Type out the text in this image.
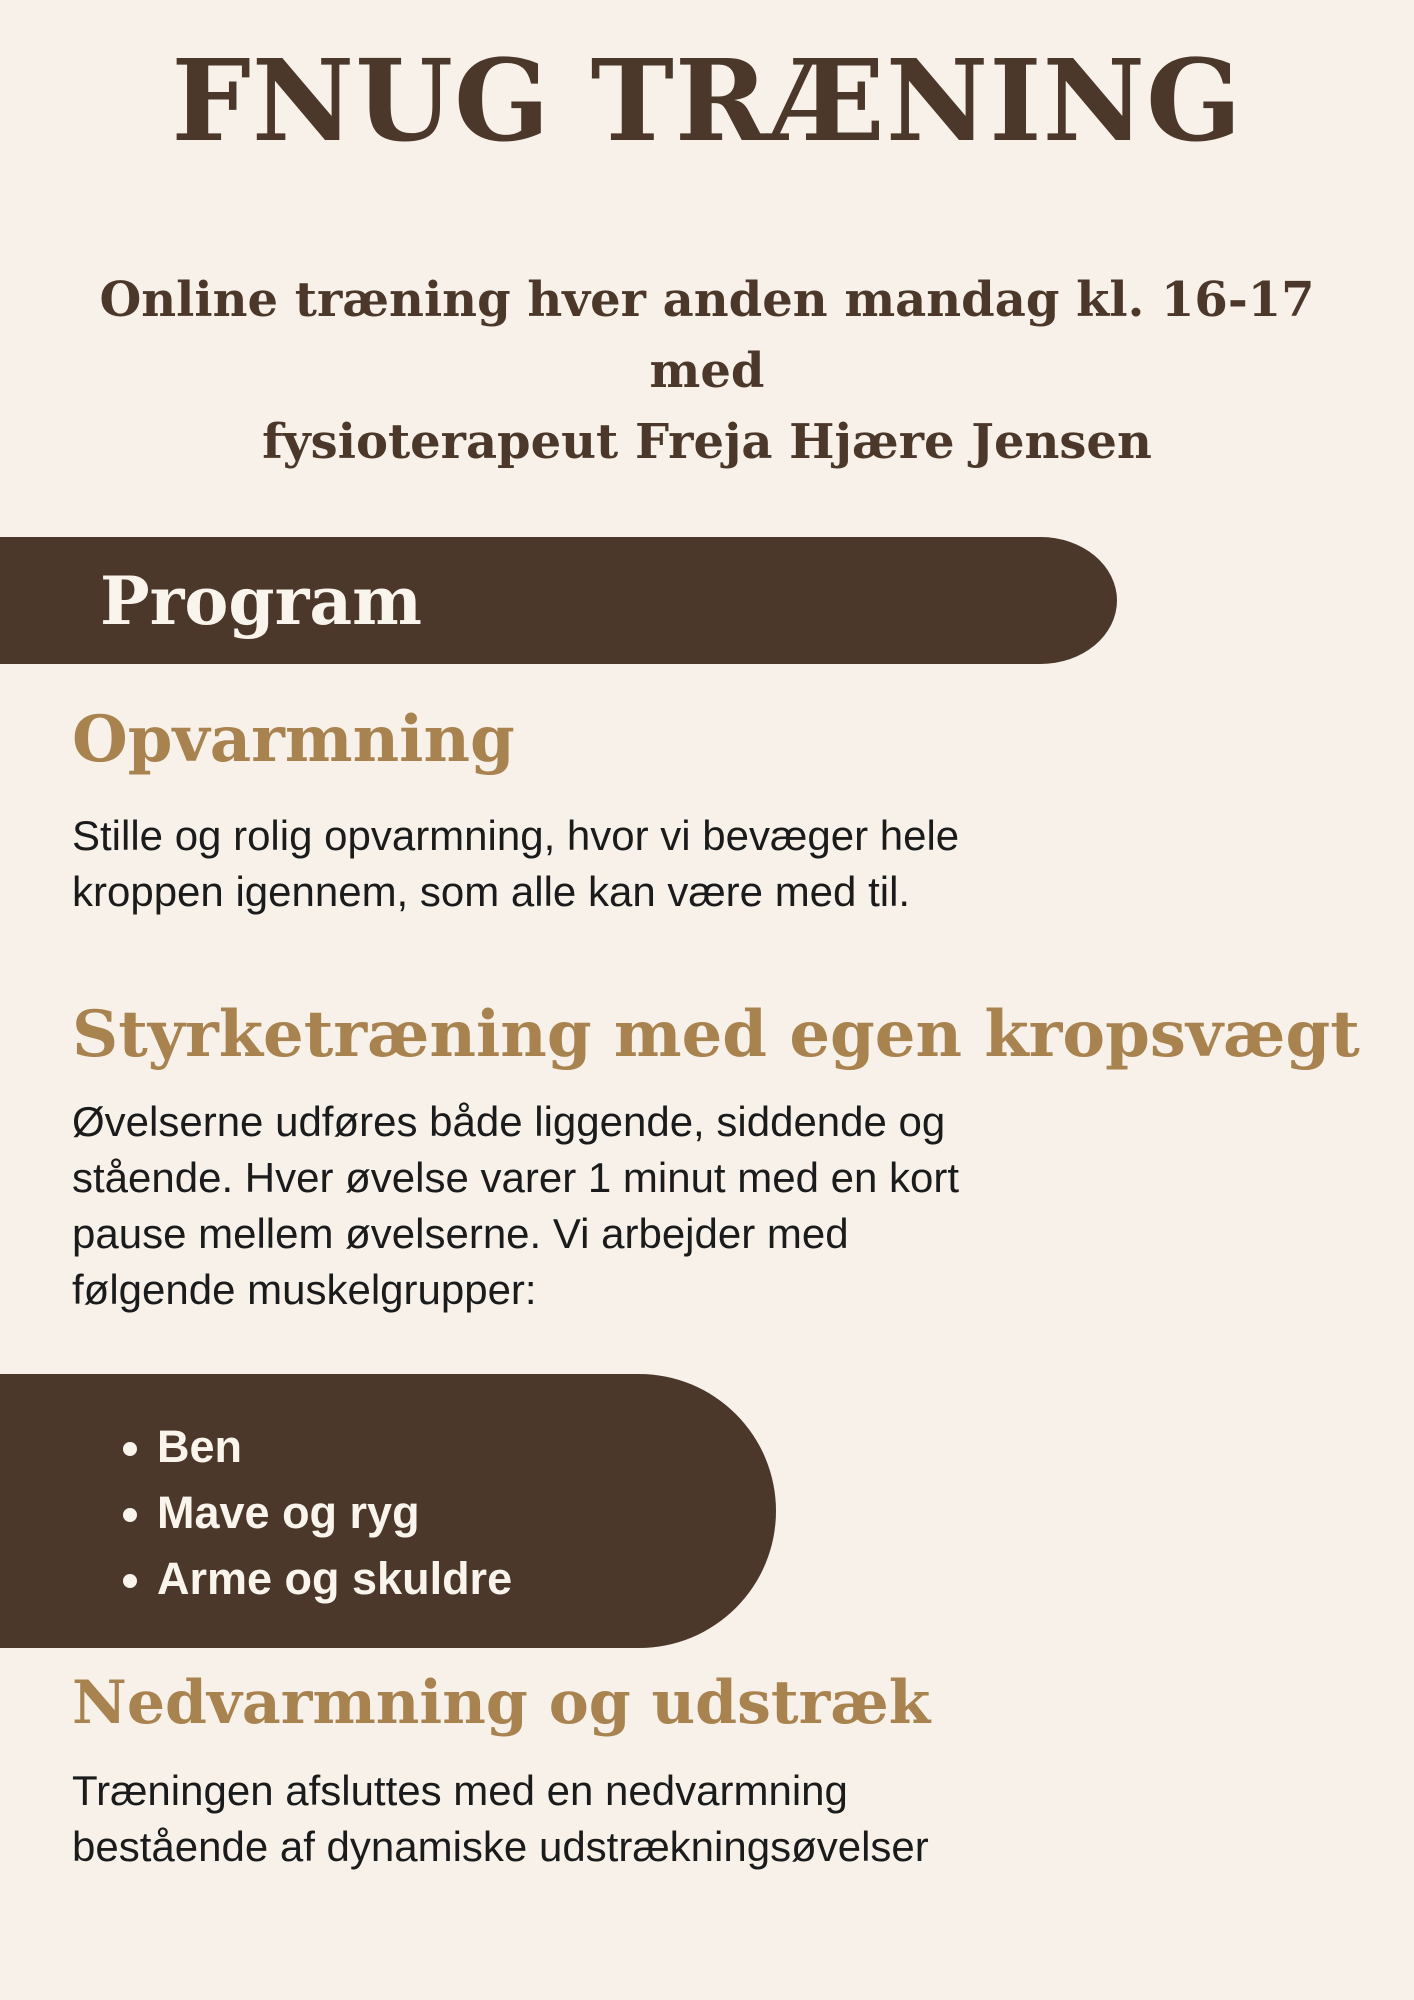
FNUG TRÆNING
Online træning hver anden mandag kl. 16-17
med
fysioterapeut Freja Hjære Jensen
Program
Opvarmning
Stille og rolig opvarmning, hvor vi bevæger hele
kroppen igennem, som alle kan være med til.
Styrketræning med egen kropsvægt
Øvelserne udføres både liggende, siddende og
stående. Hver øvelse varer 1 minut med en kort
pause mellem øvelserne. Vi arbejder med
følgende muskelgrupper:
• Ben
• Mave og ryg
• Arme og skuldre
Nedvarmning og udstræk
Træningen afsluttes med en nedvarmning
bestående af dynamiske udstrækningsøvelser
